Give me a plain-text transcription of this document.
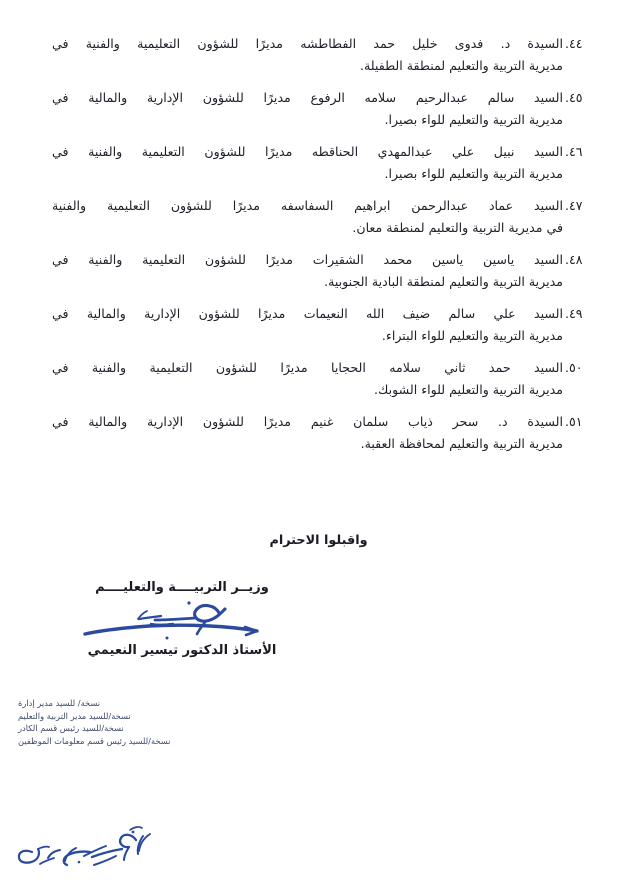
٤٤.
السيدة د. فدوى خليل حمد الفطاطشه مديرًا للشؤون التعليمية والفنية في
مديرية التربية والتعليم لمنطقة الطفيلة.
٤٥.
السيد سالم عبدالرحيم سلامه الرفوع مديرًا للشؤون الإدارية والمالية في
مديرية التربية والتعليم للواء بصيرا.
٤٦.
السيد نبيل علي عبدالمهدي الحناقطه مديرًا للشؤون التعليمية والفنية في
مديرية التربية والتعليم للواء بصيرا.
٤٧.
السيد عماد عبدالرحمن ابراهيم السفاسفه مديرًا للشؤون التعليمية والفنية
في مديرية التربية والتعليم لمنطقة معان.
٤٨.
السيد ياسين ياسين محمد الشقيرات مديرًا للشؤون التعليمية والفنية في
مديرية التربية والتعليم لمنطقة البادية الجنوبية.
٤٩.
السيد علي سالم ضيف الله النعيمات مديرًا للشؤون الإدارية والمالية في
مديرية التربية والتعليم للواء البتراء.
٥٠.
السيد حمد ثاني سلامه الحجايا مديرًا للشؤون التعليمية والفنية في
مديرية التربية والتعليم للواء الشوبك.
٥١.
السيدة د. سحر ذياب سلمان غنيم مديرًا للشؤون الإدارية والمالية في
مديرية التربية والتعليم لمحافظة العقبة.
واقبلوا الاحترام
وزيــر التربيــــة والتعليــــم
الأستاذ الدكتور تيسير النعيمي
نسخة/ للسيد مدير إدارة
نسخة/للسيد مدير التربية والتعليم
نسخة/للسيد رئيس قسم الكادر
نسخة/للسيد رئيس قسم معلومات الموظفين
